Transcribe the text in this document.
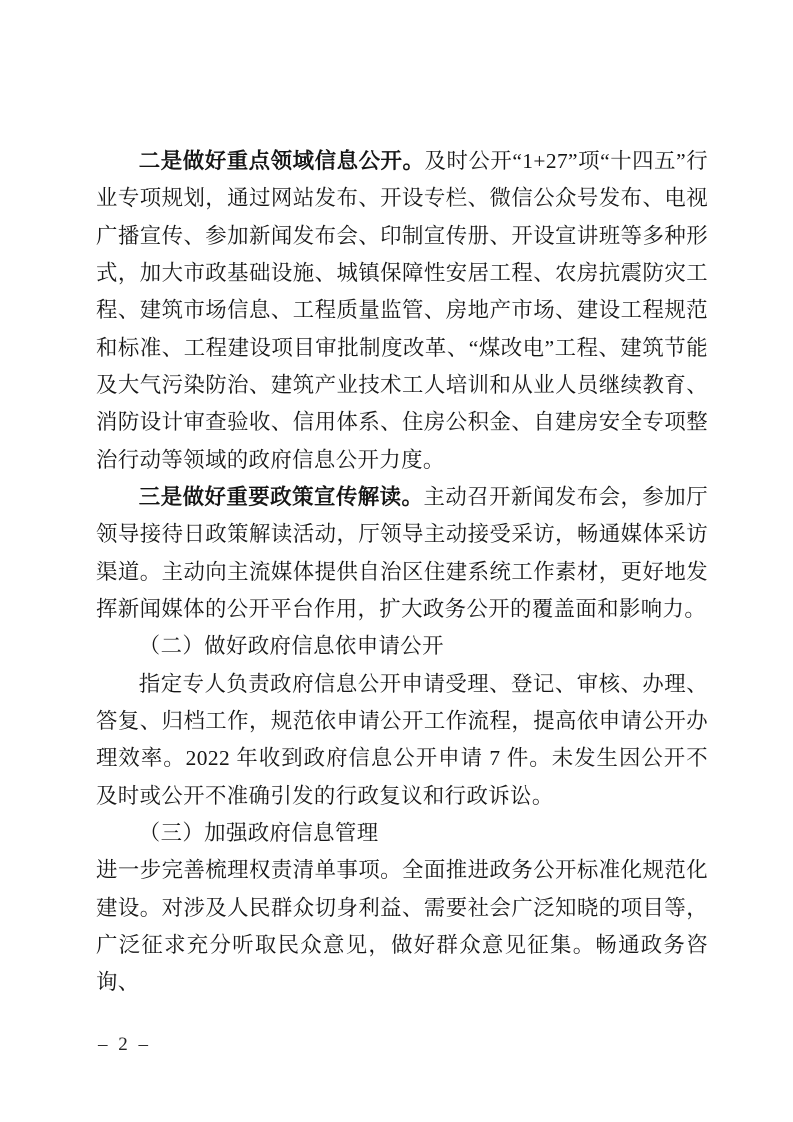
二是做好重点领域信息公开。及时公开“1+27”项“十四五”行业专项规划，通过网站发布、开设专栏、微信公众号发布、电视广播宣传、参加新闻发布会、印制宣传册、开设宣讲班等多种形式，加大市政基础设施、城镇保障性安居工程、农房抗震防灾工程、建筑市场信息、工程质量监管、房地产市场、建设工程规范和标准、工程建设项目审批制度改革、“煤改电”工程、建筑节能及大气污染防治、建筑产业技术工人培训和从业人员继续教育、消防设计审查验收、信用体系、住房公积金、自建房安全专项整治行动等领域的政府信息公开力度。

三是做好重要政策宣传解读。主动召开新闻发布会，参加厅领导接待日政策解读活动，厅领导主动接受采访，畅通媒体采访渠道。主动向主流媒体提供自治区住建系统工作素材，更好地发挥新闻媒体的公开平台作用，扩大政务公开的覆盖面和影响力。

（二）做好政府信息依申请公开

指定专人负责政府信息公开申请受理、登记、审核、办理、答复、归档工作，规范依申请公开工作流程，提高依申请公开办理效率。2022 年收到政府信息公开申请 7 件。未发生因公开不及时或公开不准确引发的行政复议和行政诉讼。

（三）加强政府信息管理

进一步完善梳理权责清单事项。全面推进政务公开标准化规范化建设。对涉及人民群众切身利益、需要社会广泛知晓的项目等，广泛征求充分听取民众意见，做好群众意见征集。畅通政务咨询、

– 2 –
